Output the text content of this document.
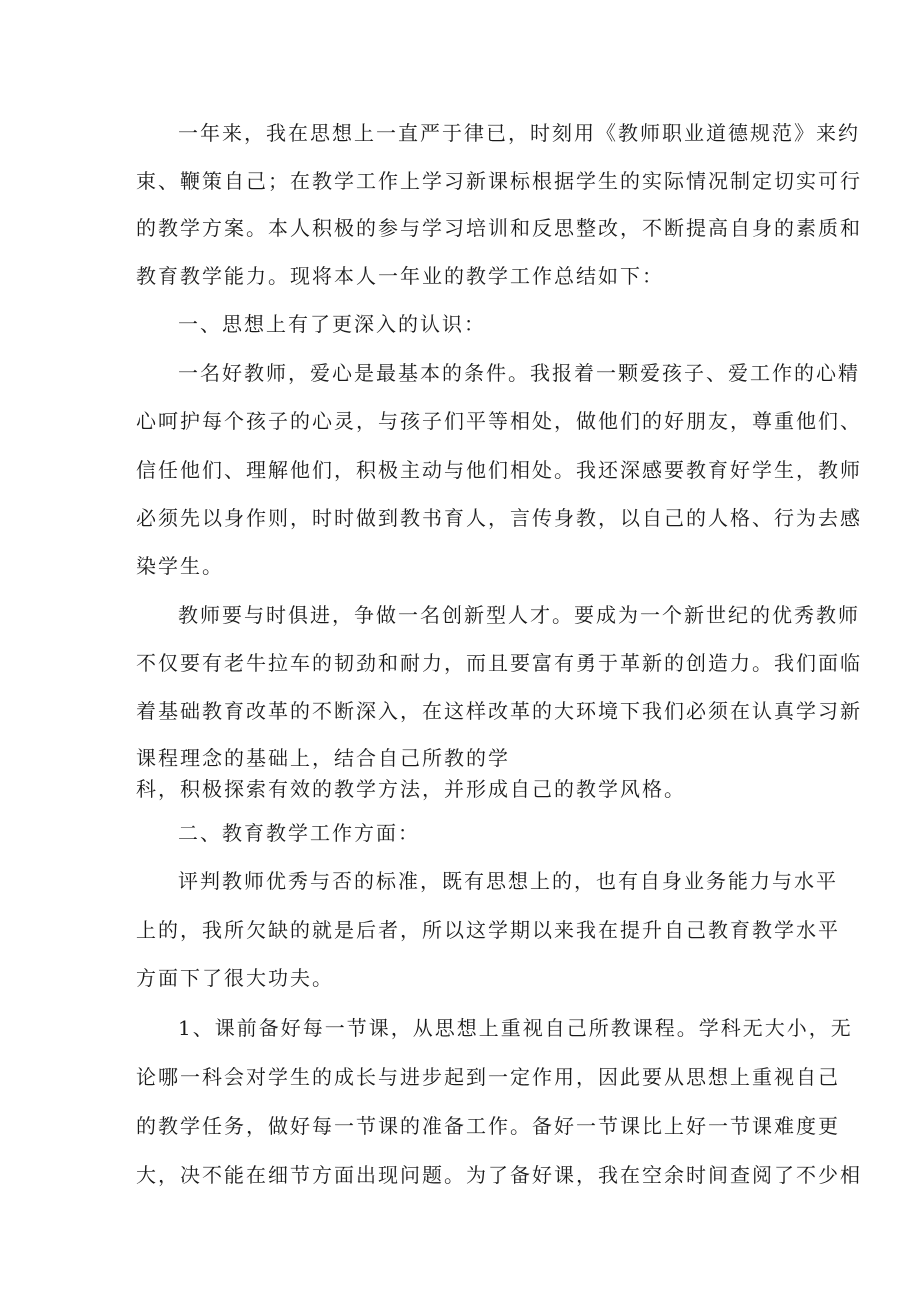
一年来，我在思想上一直严于律已，时刻用《教师职业道德规范》来约
束、鞭策自己；在教学工作上学习新课标根据学生的实际情况制定切实可行
的教学方案。本人积极的参与学习培训和反思整改，不断提高自身的素质和
教育教学能力。现将本人一年业的教学工作总结如下：
一、思想上有了更深入的认识：
一名好教师，爱心是最基本的条件。我报着一颗爱孩子、爱工作的心精
心呵护每个孩子的心灵，与孩子们平等相处，做他们的好朋友，尊重他们、
信任他们、理解他们，积极主动与他们相处。我还深感要教育好学生，教师
必须先以身作则，时时做到教书育人，言传身教，以自己的人格、行为去感
染学生。
教师要与时俱进，争做一名创新型人才。要成为一个新世纪的优秀教师
不仅要有老牛拉车的韧劲和耐力，而且要富有勇于革新的创造力。我们面临
着基础教育改革的不断深入，在这样改革的大环境下我们必须在认真学习新
课程理念的基础上，结合自己所教的学
科，积极探索有效的教学方法，并形成自己的教学风格。
二、教育教学工作方面：
评判教师优秀与否的标准，既有思想上的，也有自身业务能力与水平
上的，我所欠缺的就是后者，所以这学期以来我在提升自己教育教学水平
方面下了很大功夫。
1、课前备好每一节课，从思想上重视自己所教课程。学科无大小，无
论哪一科会对学生的成长与进步起到一定作用，因此要从思想上重视自己
的教学任务，做好每一节课的准备工作。备好一节课比上好一节课难度更
大，决不能在细节方面出现问题。为了备好课，我在空余时间查阅了不少相
